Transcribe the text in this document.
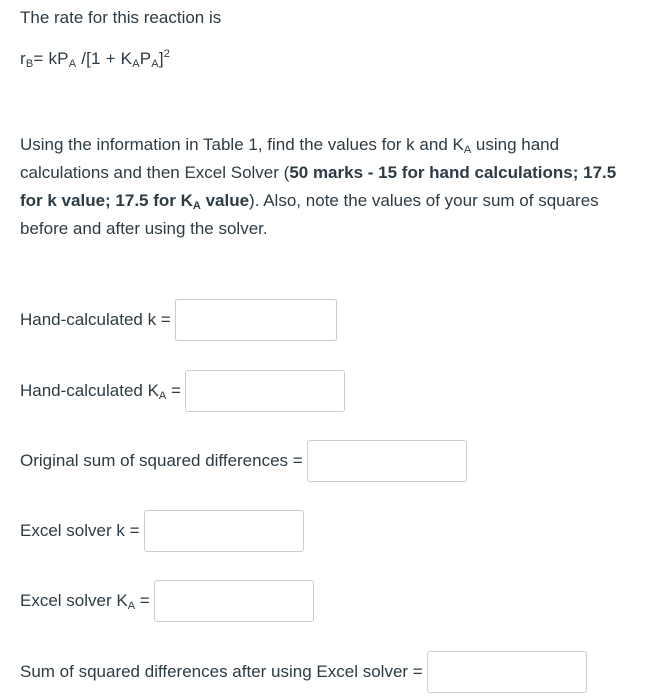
The rate for this reaction is
$r_B= kP_A$ $/[1 + K_AP_A]^2$
Using the information in Table 1, find the values for k and $K_A$ using hand calculations and then Excel Solver (50 marks - 15 for hand calculations; 17.5 for k value; 17.5 for $K_A$ value). Also, note the values of your sum of squares before and after using the solver.
Hand-calculated k =
Hand-calculated $K_A$ =
Original sum of squared differences =
Excel solver k =
Excel solver $K_A$ =
Sum of squared differences after using Excel solver =
